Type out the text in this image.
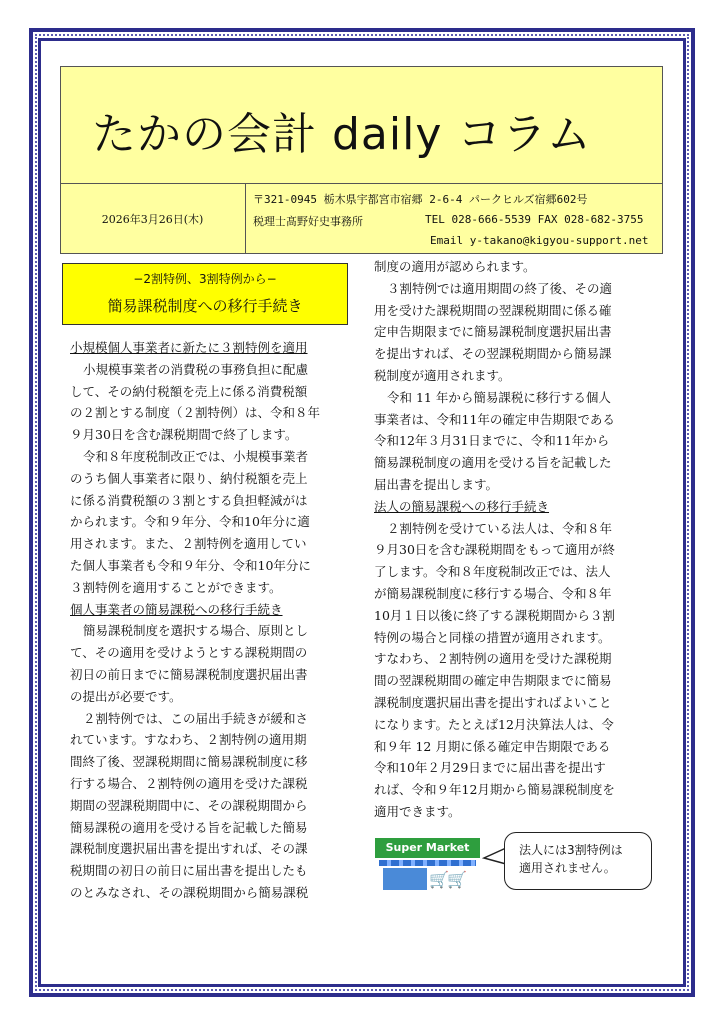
たかの会計 daily コラム
2026年3月26日(木)
〒321-0945 栃木県宇都宮市宿郷 2-6-4 パークヒルズ宿郷602号
税理士髙野好史事務所	TEL 028-666-5539 FAX 028-682-3755
Email y-takano@kigyou-support.net
−2割特例、3割特例から−
簡易課税制度への移行手続き
小規模個人事業者に新たに３割特例を適用
小規模事業者の消費税の事務負担に配慮
して、その納付税額を売上に係る消費税額
の２割とする制度（２割特例）は、令和８年
９月30日を含む課税期間で終了します。
令和８年度税制改正では、小規模事業者
のうち個人事業者に限り、納付税額を売上
に係る消費税額の３割とする負担軽減がは
かられます。令和９年分、令和10年分に適
用されます。また、２割特例を適用してい
た個人事業者も令和９年分、令和10年分に
３割特例を適用することができます。
個人事業者の簡易課税への移行手続き
簡易課税制度を選択する場合、原則とし
て、その適用を受けようとする課税期間の
初日の前日までに簡易課税制度選択届出書
の提出が必要です。
２割特例では、この届出手続きが緩和さ
れています。すなわち、２割特例の適用期
間終了後、翌課税期間に簡易課税制度に移
行する場合、２割特例の適用を受けた課税
期間の翌課税期間中に、その課税期間から
簡易課税の適用を受ける旨を記載した簡易
課税制度選択届出書を提出すれば、その課
税期間の初日の前日に届出書を提出したも
のとみなされ、その課税期間から簡易課税
制度の適用が認められます。
３割特例では適用期間の終了後、その適
用を受けた課税期間の翌課税期間に係る確
定申告期限までに簡易課税制度選択届出書
を提出すれば、その翌課税期間から簡易課
税制度が適用されます。
令和 11 年から簡易課税に移行する個人
事業者は、令和11年の確定申告期限である
令和12年３月31日までに、令和11年から
簡易課税制度の適用を受ける旨を記載した
届出書を提出します。
法人の簡易課税への移行手続き
２割特例を受けている法人は、令和８年
９月30日を含む課税期間をもって適用が終
了します。令和８年度税制改正では、法人
が簡易課税制度に移行する場合、令和８年
10月１日以後に終了する課税期間から３割
特例の場合と同様の措置が適用されます。
すなわち、２割特例の適用を受けた課税期
間の翌課税期間の確定申告期限までに簡易
課税制度選択届出書を提出すればよいこと
になります。たとえば12月決算法人は、令
和９年 12 月期に係る確定申告期限である
令和10年２月29日までに届出書を提出す
れば、令和９年12月期から簡易課税制度を
適用できます。
Super Market
🛒
🛒
法人には3割特例は
適用されません。
